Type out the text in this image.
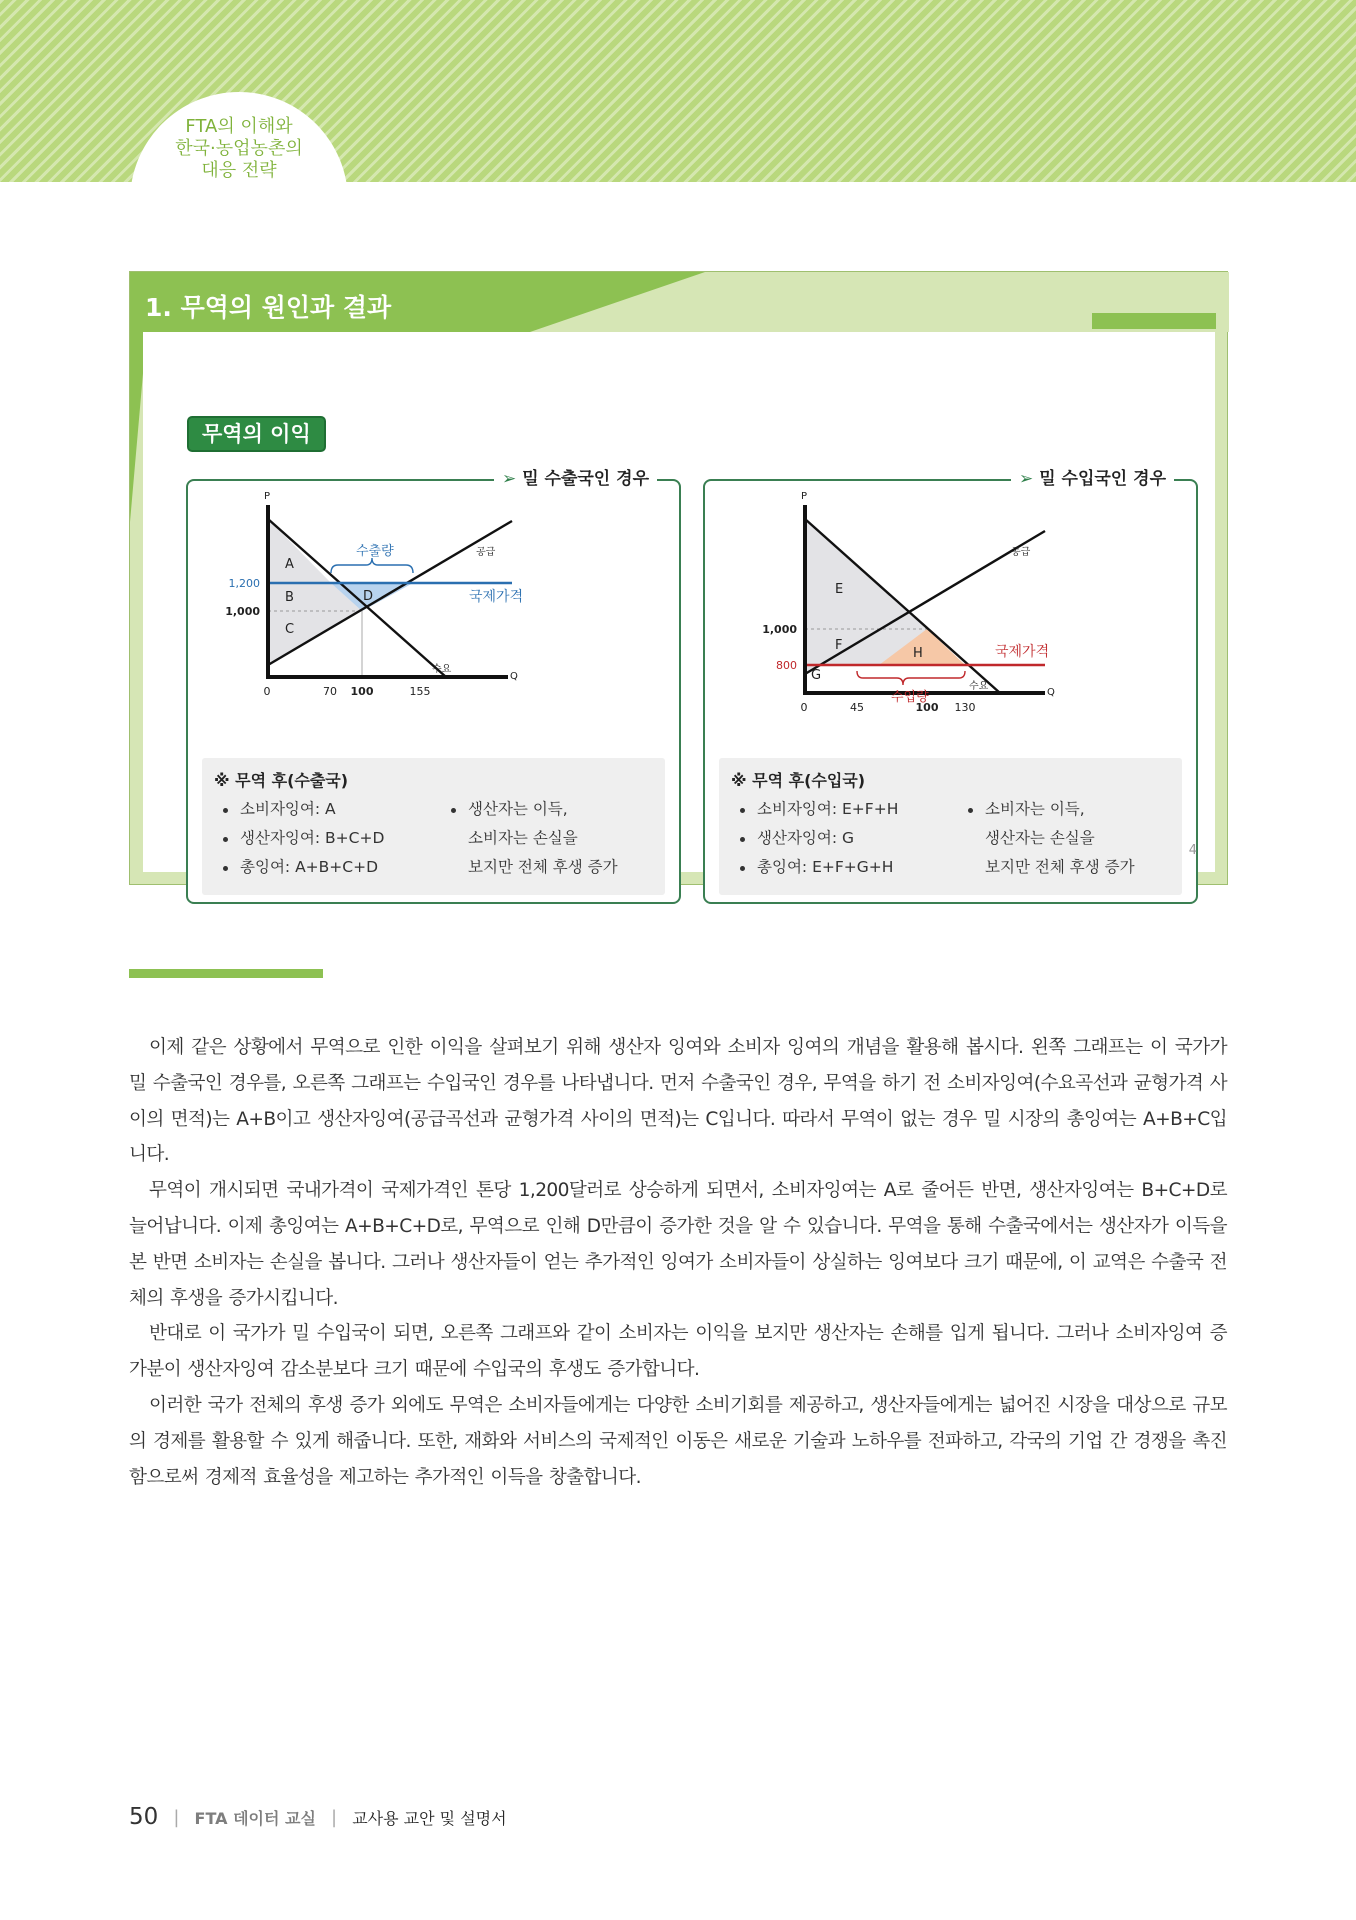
FTA의 이해와
한국·농업농촌의
대응 전략
1. 무역의 원인과 결과
무역의 이익
➢ 밀 수출국인 경우
P
Q
A
B
C
D
수출량	공급
국제가격
수요
1,200
1,000
0	70 100	155
※ 무역 후(수출국)
소비자잉여: A
생산자잉여: B+C+D
총잉여: A+B+C+D
생산자는 이득,
소비자는 손실을
보지만 전체 후생 증가
➢ 밀 수입국인 경우
P
Q
E
F
G
H
수입량
공급
국제가격
수요
1,000
800
0	45	100 130
※ 무역 후(수입국)
소비자잉여: E+F+H
생산자잉여: G
총잉여: E+F+G+H
소비자는 이득,
생산자는 손실을
보지만 전체 후생 증가
4

이제 같은 상황에서 무역으로 인한 이익을 살펴보기 위해 생산자 잉여와 소비자 잉여의 개념을 활용해 봅시다. 왼쪽 그래프는 이 국가가 밀 수출국인 경우를, 오른쪽 그래프는 수입국인 경우를 나타냅니다. 먼저 수출국인 경우, 무역을 하기 전 소비자잉여(수요곡선과 균형가격 사이의 면적)는 A+B이고 생산자잉여(공급곡선과 균형가격 사이의 면적)는 C입니다. 따라서 무역이 없는 경우 밀 시장의 총잉여는 A+B+C입니다.

무역이 개시되면 국내가격이 국제가격인 톤당 1,200달러로 상승하게 되면서, 소비자잉여는 A로 줄어든 반면, 생산자잉여는 B+C+D로 늘어납니다. 이제 총잉여는 A+B+C+D로, 무역으로 인해 D만큼이 증가한 것을 알 수 있습니다. 무역을 통해 수출국에서는 생산자가 이득을 본 반면 소비자는 손실을 봅니다. 그러나 생산자들이 얻는 추가적인 잉여가 소비자들이 상실하는 잉여보다 크기 때문에, 이 교역은 수출국 전체의 후생을 증가시킵니다.

반대로 이 국가가 밀 수입국이 되면, 오른쪽 그래프와 같이 소비자는 이익을 보지만 생산자는 손해를 입게 됩니다. 그러나 소비자잉여 증가분이 생산자잉여 감소분보다 크기 때문에 수입국의 후생도 증가합니다.

이러한 국가 전체의 후생 증가 외에도 무역은 소비자들에게는 다양한 소비기회를 제공하고, 생산자들에게는 넓어진 시장을 대상으로 규모의 경제를 활용할 수 있게 해줍니다. 또한, 재화와 서비스의 국제적인 이동은 새로운 기술과 노하우를 전파하고, 각국의 기업 간 경쟁을 촉진함으로써 경제적 효율성을 제고하는 추가적인 이득을 창출합니다.

50 | FTA 데이터 교실 | 교사용 교안 및 설명서
